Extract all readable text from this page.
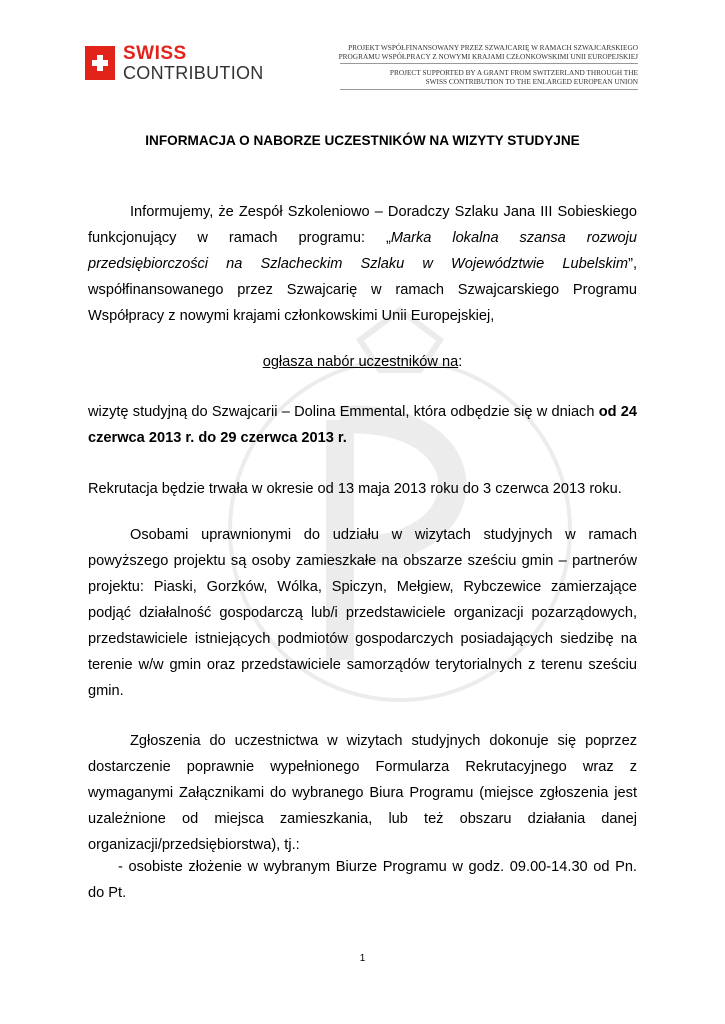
SWISS
CONTRIBUTION
PROJEKT WSPÓŁFINANSOWANY PRZEZ SZWAJCARIĘ W RAMACH SZWAJCARSKIEGO
PROGRAMU WSPÓŁPRACY Z NOWYMI KRAJAMI CZŁONKOWSKIMI UNII EUROPEJSKIEJ
PROJECT SUPPORTED BY A GRANT FROM SWITZERLAND THROUGH THE
SWISS CONTRIBUTION TO THE ENLARGED EUROPEAN UNION
INFORMACJA O NABORZE UCZESTNIKÓW NA WIZYTY STUDYJNE
Informujemy, że Zespół Szkoleniowo – Doradczy Szlaku Jana III Sobieskiego funkcjonujący w ramach programu: „Marka lokalna szansa rozwoju przedsiębiorczości na Szlacheckim Szlaku w Województwie Lubelskim”, współfinansowanego przez Szwajcarię w ramach Szwajcarskiego Programu Współpracy z nowymi krajami członkowskimi Unii Europejskiej,
ogłasza nabór uczestników na:
wizytę studyjną do Szwajcarii – Dolina Emmental, która odbędzie się w dniach od 24 czerwca 2013 r. do 29 czerwca 2013 r.
Rekrutacja będzie trwała w okresie od 13 maja 2013 roku do 3 czerwca 2013 roku.
Osobami uprawnionymi do udziału w wizytach studyjnych w ramach powyższego projektu są osoby zamieszkałe na obszarze sześciu gmin – partnerów projektu: Piaski, Gorzków, Wólka, Spiczyn, Mełgiew, Rybczewice zamierzające podjąć działalność gospodarczą lub/i przedstawiciele organizacji pozarządowych, przedstawiciele istniejących podmiotów gospodarczych posiadających siedzibę na terenie w/w gmin oraz przedstawiciele samorządów terytorialnych z terenu sześciu gmin.
Zgłoszenia do uczestnictwa w wizytach studyjnych dokonuje się poprzez dostarczenie poprawnie wypełnionego Formularza Rekrutacyjnego wraz z wymaganymi Załącznikami do wybranego Biura Programu (miejsce zgłoszenia jest uzależnione od miejsca zamieszkania, lub też obszaru działania danej organizacji/przedsiębiorstwa), tj.:
- osobiste złożenie w wybranym Biurze Programu w godz. 09.00-14.30 od Pn. do Pt.
1
